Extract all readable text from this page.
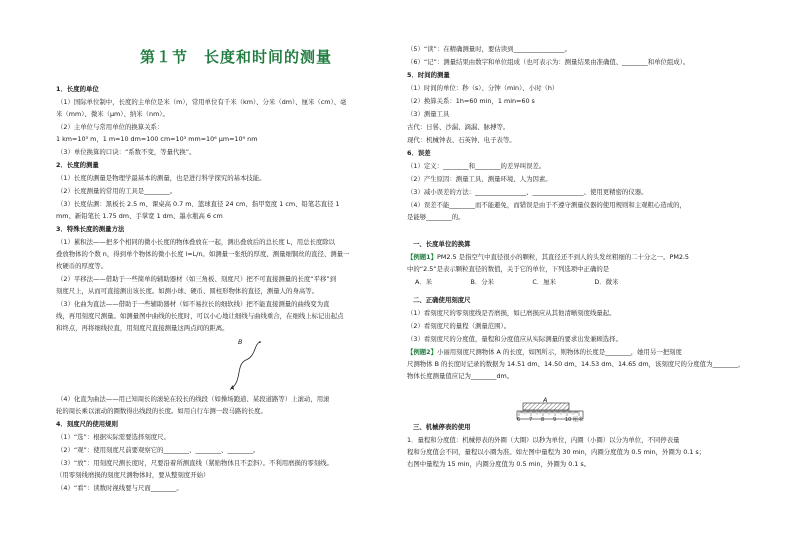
第１节　长度和时间的测量
1．长度的单位
（1）国际单位制中，长度的主单位是米（m），常用单位有千米（km）、分米（dm）、厘米（cm）、毫
米（mm）、微米（μm）、纳米（nm）。
（2）主单位与常用单位的换算关系：
1 km=10³ m，1 m=10 dm=100 cm=10³ mm=10⁶ μm=10⁹ nm
（3）单位换算的口诀：“系数不变，等量代换”。
2．长度的测量
（1）长度的测量是物理学最基本的测量，也是进行科学探究的基本技能。
（2）长度测量的常用的工具是________。
（3）长度估测：黑板长 2.5 m、课桌高 0.7 m、篮球直径 24 cm、指甲宽度 1 cm、铅笔芯直径 1
mm、新铅笔长 1.75 dm、手掌宽 1 dm、墨水瓶高 6 cm
3．特殊长度的测量方法
（1）累积法——把多个相同的微小长度的物体叠放在一起，测出叠放后的总长度 L，用总长度除以
叠放物体的个数 n，得到单个物体的微小长度 l=L/n。如测量一张纸的厚度、测量细铜丝的直径、测量一
枚硬币的厚度等。
（2）平移法——借助于一些简单的辅助器材（如三角板、刻度尺）把不可直接测量的长度“平移”到
刻度尺上，从而可直接测出该长度。如测小球、硬币、圆柱形物体的直径，测量人的身高等。
（3）化曲为直法——借助于一些辅助器材（如不易拉长的细软线）把不能直接测量的曲线变为直
线，再用刻度尺测量。如测量图中曲线的长度时，可以小心地让细线与曲线重合，在细线上标记出起点
和终点，再将细线拉直，用刻度尺直接测量这两点间的距离。
（4）化直为曲法——用已知周长的滚轮在较长的线段（如操场跑道、某段道路等）上滚动，用滚
轮的周长乘以滚动的圈数得出线段的长度。如用自行车测一段马路的长度。
4．刻度尺的使用规则
（1）“选”：根据实际需要选择刻度尺。
（2）“观”：使用刻度尺前要观察它的________、________、________。
（3）“放”：用刻度尺测长度时，尺要沿着所测直线（紧贴物体且不歪斜）。不利用磨损的零刻线。
（用零刻线磨损的刻度尺测物体时，要从整刻度开始）
（4）“看”：读数时视线要与尺面________。
B
A
（5）“读”：在精确测量时，要估读到________________。
（6）“记”：测量结果由数字和单位组成（也可表示为：测量结果由准确值、________和单位组成）。
5．时间的测量
（1）时间的单位：秒（s）、分钟（min）、小时（h）
（2）换算关系：1h=60 min，1 min=60 s
（3）测量工具
古代：日晷、沙漏、滴漏、脉搏等。
现代：机械钟表、石英钟、电子表等。
6．误差
（1）定义：________和________的差异叫误差。
（2）产生原因：测量工具、测量环境、人为因素。
（3）减小误差的方法：________________、________________、使用更精密的仪器。
（4）误差不能________而不能避免，而错误是由于不遵守测量仪器的使用规则和主观粗心造成的，
是能够________的。
一、长度单位的换算
【例题1】PM2.5 是指空气中直径很小的颗粒，其直径还不到人的头发丝粗细的二十分之一。PM2.5
中的“2.5”是表示颗粒直径的数值，关于它的单位，下列选项中正确的是
A．米　　　　　　B．分米　　　　　　C．厘米　　　　　　D．微米
二、正确使用刻度尺
（1）看刻度尺的零刻度线是否磨损，如已磨损应从其他清晰刻度线量起。
（2）看刻度尺的量程（测量范围）。
（3）看刻度尺的分度值，量程和分度值应从实际测量的要求出发兼顾选择。
【例题2】小丽用刻度尺测物体 A 的长度，如图所示，则物体的长度是________，她用另一把刻度
尺测物体 B 的长度时记录的数据为 14.51 dm、14.50 dm、14.53 dm、14.65 dm，该刻度尺的分度值为________，
物体长度测量值应记为________dm。
三、机械停表的使用
1．量程和分度值：机械停表的外圈（大圈）以秒为单位，内圈（小圈）以分为单位，不同停表量
程和分度值会不同，量程以小圈为准。如左图中量程为 30 min，内圈分度值为 0.5 min，外圈为 0.1 s；
右图中量程为 15 min，内圈分度值为 0.5 min，外圈为 0.1 s。
A
6 7 8 9 10 厘米
